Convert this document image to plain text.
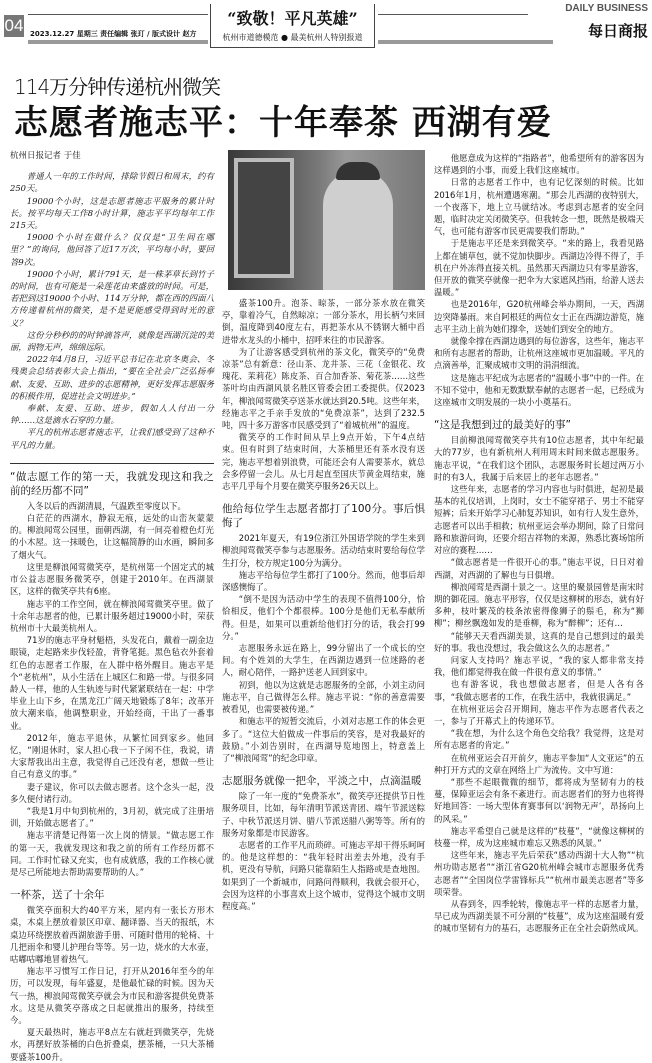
04 2023.12.27 星期三 责任编辑 张玎 / 版式设计 赵方
“致敬！平凡英雄”
杭州市道德模范 ● 最美杭州人特别报道
DAILY BUSINESS
每日商报
114万分钟传递杭州微笑
志愿者施志平：十年奉茶 西湖有爱
杭州日报记者 于佳

普通人一年的工作时间，排除节假日和周末，约有250天。

19000个小时，这是志愿者施志平服务的累计时长。按平均每天工作8小时计算，施志平平均每年工作215天。

19000个小时在做什么？仅仅是“卫生间在哪里？”的询问，他回答了近17万次，平均每小时，要回答9次。

19000个小时，累计791天，是一株茅草长到竹子的时间，也有可能是一朵莲花由来盛放的时间。可是，若把到这19000个小时、114万分钟，都在西的四面八方传递着杭州的微笑，是不是更能感受得到时光的意义？

这份分秒秒的的时钟滴答声，就像是西湖沉淀的美丽，润物无声，绵绵远际。

2022年4月8日，习近平总书记在北京冬奥会、冬残奥会总结表彰大会上指出，“要在全社会广泛弘扬奉献、友爱、互助、进步的志愿精神，更好发挥志愿服务的积极作用，促进社会文明进步。”

奉献、友爱、互助、进步，假如人人付出一分钟……这是滴水石穿的力量。

平凡的杭州志愿者施志平，让我们感受到了这种不平凡的力量。

“做志愿工作的第一天，我就发现这和我之前的经历都不同”

入冬以后的西湖清晨，气温跌至零度以下。

白茫茫的西湖水，静寂无痕，远处的山峦灰蒙蒙的。柳浪闻莺公园里，面朝西湖，有一间亮着橙色灯光的小木屋。这一抹暖色，让这幅简静的山水画，瞬间多了烟火气。

这里是柳浪闻莺微笑亭，是杭州第一个固定式的城市公益志愿服务微笑亭，创建于2010年。在西湖景区，这样的微笑亭共有6座。

施志平的工作空间，就在柳浪闻莺微笑亭里。做了十余年志愿者的他，已累计服务超过19000小时，荣获杭州市十大最美杭州人。

71岁的施志平身材魁梧，头发花白，戴着一副金边眼镜，走起路来步伐轻盈，背脊笔挺。黑色毡衣外套着红色的志愿者工作服，在人群中格外醒目。施志平是个“老杭州”，从小生活在上城区仁和路一带。与很多同龄人一样，他的人生轨迹与时代紧紧联结在一起：中学毕业上山下乡，在黑龙江广阔天地锻炼了8年；改革开放大潮来临，他调整职业，开始经商，干出了一番事业。

2012年，施志平退休，从繁忙回到家乡。他回忆，“刚退休时，家人担心我一下子闲不住，我说，请大家帮我出出主意，我觉得自己还没有老，想做一些让自己有意义的事。”

妻子建议，你可以去做志愿者。这个念头一起，没多久便付诸行动。

“我是1月中旬到杭州的，3月初，就完成了注册培训，开始做志愿者了。”

施志平清楚记得第一次上岗的情景。“做志愿工作的第一天，我就发现这和我之前的所有工作经历都不同。工作时忙碌又充实，也有成就感，我的工作核心就是尽己所能地去帮助需要帮助的人。”

一杯茶，送了十余年

微笑亭面积大约40平方米，屋内有一张长方形木桌，木桌上摆放着景区印章、翻译器、当天的报纸，木桌边环绕摆放着西湖旅游手册、可随时借用的轮椅、十几把雨伞和婴儿护理台等等。另一边，烧水的大水壶，咕嘟咕嘟地冒着热气。

施志平习惯写工作日记，打开从2016年至今的年历，可以发现，每年盛夏，是他最忙碌的时候。因为天气一热，柳浪闻莺微笑亭就会为市民和游客提供免费茶水。这是从微笑亭落成之日起就推出的服务，持续至今。

夏天最热时，施志平8点左右就赶到微笑亭，先烧水，再摆好放茶桶的白色折叠桌，摆茶桶，一只大茶桶要盛茶100升。

盛茶100升。泡茶、晾茶，一部分茶水放在微笑亭，靠着冷气，自然晾凉；一部分茶水，用长柄勺来回倒，温度降到40度左右，再把茶水从不锈钢大桶中舀进带水龙头的小桶中，招呼来往的市民游客。

为了让游客感受到杭州的茶文化，微笑亭的“免费凉茶”总有新意：径山茶、龙井茶、三花（金银花、玫瑰花、茉莉花）陈皮茶、百合加香茶、菊花茶……这些茶叶均由西湖风景名胜区管委会团工委提供。仅2023年，柳浪闻莺微笑亭送茶水就达到20.5吨。这些年来，经施志平之手亲手发放的“免费凉茶”，达到了232.5吨，四十多万游客市民感受到了“着城杭州”的温度。

微笑亭的工作时间从早上9点开始，下午4点结束。但有时到了结束时间，大茶桶里还有茶水没有送完，施志平想着别浪费，可能还会有人需要茶水，就总会多停留一会儿。从七月起直至国庆节黄金周结束，施志平几乎每个月要在微笑亭服务26天以上。

他给每位学生志愿者都打了100分。事后惧悔了

2021年夏天，有19位浙江外国语学院的学生来到柳浪闻莺微笑亭参与志愿服务。活动结束时要给每位学生打分，校方规定100分为满分。

施志平给每位学生都打了100分。然而，他事后却深感懊悔了。

“倒不是因为活动中学生的表现不值得100分，恰恰相反，他们个个都很棒。100分是他们无私奉献所得。但是，如果可以重新给他们打分的话，我会打99分。”

志愿服务永远在路上，99分留出了一个成长的空间。有个姓刘的大学生，在西湖边遇到一位迷路的老人，耐心陪伴，一路护送老人回到家中。

初到，他以为这就是志愿服务的全部，小刘主动问施志平，自己做得怎么样。施志平说：“你的善意需要被看见，也需要被传递。”

和施志平的短暂交流后，小刘对志愿工作的体会更多了。“这位大伯做成一件事后的笑容，是对我最好的鼓励。”小刘告别时，在西湖导览地图上，特意盖上了“柳浪闻莺”的纪念印章。

志愿服务就像一把伞，平淡之中，点滴温暖

除了一年一度的“免费茶水”，微笑亭还提供节日性服务项目，比如，每年清明节派送青团、端午节派送粽子、中秋节派送月饼、腊八节派送腊八粥等等。所有的服务对象都是市民游客。

志愿者的工作平凡而琐碎。可施志平却干得乐呵呵的。他是这样想的：“我年轻时出差去外地，没有手机，更没有导航，问路只能靠陌生人指路或是查地图。如果到了一个新城市，问路问得顺利，我就会很开心，会因为这样的小事喜欢上这个城市，觉得这个城市文明程度高。”

他愿意成为这样的“指路者”，他希望所有的游客因为这样遇到的小事，而爱上我们这座城市。

日常的志愿者工作中，也有记忆深刻的时候。比如2016年1月，杭州遭遇寒潮。“那会儿西湖的夜特别大，一个夜落下，地上立马就结冰。考虑到志愿者的安全问题，临时决定关闭微笑亭。但我转念一想，既然是极端天气，也可能有游客市民更需要我们帮助。”

于是施志平还是来到微笑亭。“来的路上，我看见路上都在铺草包，就不觉加快脚步。西湖边冷得不得了，手机在户外冻得直接关机。虽然那天西湖边只有零星游客，但开放的微笑亭就像一把伞为大家遮风挡雨，给游人送去温暖。”

也是2016年，G20杭州峰会举办期间，一天，西湖边突降暴雨。来自阿根廷的两位女士正在西湖边游览，施志平主动上前为她们撑伞，送她们到安全的地方。

就像伞撑在西湖边遇到的每位游客，这些年，施志平和所有志愿者的帮助，让杭州这座城市更加温暖。平凡的点滴善举，汇聚成城市文明的涓涓细流。

这是施志平纪成为志愿者的“温暖小事”中的一件。在不知不觉中，他和无数默默奉献的志愿者一起，已经成为这座城市文明发展的一块小小奠基石。

“这是我想到过的最美好的事”

目前柳浪闻莺微笑亭共有10位志愿者，其中年纪最大的77岁，也有新杭州人利用周末时间来做志愿服务。施志平说，“在我们这个团队，志愿服务时长超过两万小时的有3人，我属于后来居上的老年志愿者。”

这些年来，志愿者的学习内容也与时俱进，起初是最基本的礼仪培训，上岗时，女士不能穿裙子、男士不能穿短裤；后来开始学习心肺复苏知识，如有行人发生意外，志愿者可以出手相救；杭州亚运会举办期间，除了日常问路和旅游问询，还要介绍吉祥物的来源，熟悉比赛场馆所对应的赛程……

“做志愿者是一件很开心的事。”施志平说，日日对着西湖，对西湖的了解也与日俱增。

柳浪闻莺是西湖十景之一。这里的聚景园曾是南宋时期的御花园。施志平形容，仅仅是这柳树的形态，就有好多种，枝叶繁茂的枝条浓密得像狮子的鬃毛，称为“狮柳”；柳丝飘逸如发的是垂柳，称为“醉柳”；还有…

“能够天天看西湖美景，这真的是自己想到过的最美好的事。我也没想过，我会做这么久的志愿者。”

问家人支持吗？施志平说，“我的家人都非常支持我，他们都觉得我在做一件很有意义的事情。”

也有游客说，我也想做志愿者，但是人各有各事，“我做志愿者的工作，在我生活中，我就很满足。”

在杭州亚运会召开期间，施志平作为志愿者代表之一，参与了开幕式上的传递环节。

“我在想，为什么这个角色交给我？我觉得，这是对所有志愿者的肯定。”

在杭州亚运会召开前夕，施志平参加“人文亚运”的五种打开方式的文章在网络上广为流传。文中写道：

“那些不起眼微微的细节，都将成为坚韧有力的枝蔓，保障亚运会有条不紊进行。而志愿者们的努力也将得好地回答：一场大型体育赛事何以‘润物无声’，昂扬向上的风采。”

施志平希望自己就是这样的“枝蔓”，“就像这柳树的枝蔓一样，成为这座城市难忘又熟悉的风景。”

这些年来，施志平先后荣获“感动西湖十大人物”“杭州功勋志愿者”“浙江省G20杭州峰会城市志愿服务优秀志愿者”“全国岗位学雷锋标兵”“杭州市最美志愿者”等多项荣誉。

从春到冬，四季轮转，像施志平一样的志愿者力量，早已成为西湖美景不可分割的“枝蔓”，成为这座温暖有爱的城市坚韧有力的基石，志愿服务正在全社会蔚然成风。
